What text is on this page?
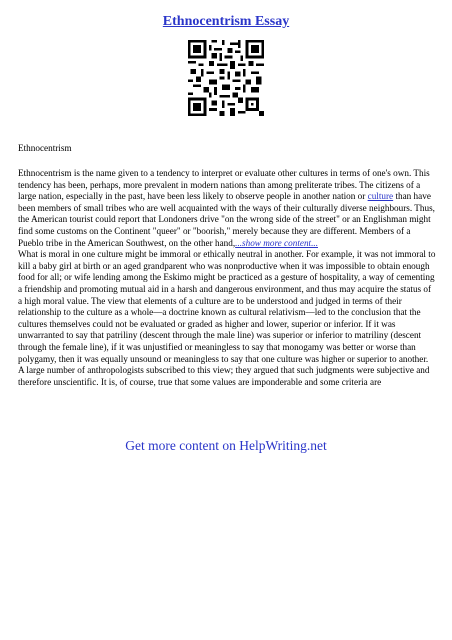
Ethnocentrism Essay
Ethnocentrism

Ethnocentrism is the name given to a tendency to interpret or evaluate other cultures in terms of one's own. This tendency has been, perhaps, more prevalent in modern nations than among preliterate tribes. The citizens of a large nation, especially in the past, have been less likely to observe people in another nation or culture than have been members of small tribes who are well acquainted with the ways of their culturally diverse neighbours. Thus, the American tourist could report that Londoners drive "on the wrong side of the street" or an Englishman might find some customs on the Continent "queer" or "boorish," merely because they are different. Members of a Pueblo tribe in the American Southwest, on the other hand,...show more content...

What is moral in one culture might be immoral or ethically neutral in another. For example, it was not immoral to kill a baby girl at birth or an aged grandparent who was nonproductive when it was impossible to obtain enough food for all; or wife lending among the Eskimo might be practiced as a gesture of hospitality, a way of cementing a friendship and promoting mutual aid in a harsh and dangerous environment, and thus may acquire the status of a high moral value. The view that elements of a culture are to be understood and judged in terms of their relationship to the culture as a whole—a doctrine known as cultural relativism—led to the conclusion that the cultures themselves could not be evaluated or graded as higher and lower, superior or inferior. If it was unwarranted to say that patriliny (descent through the male line) was superior or inferior to matriliny (descent through the female line), if it was unjustified or meaningless to say that monogamy was better or worse than polygamy, then it was equally unsound or meaningless to say that one culture was higher or superior to another. A large number of anthropologists subscribed to this view; they argued that such judgments were subjective and therefore unscientific. It is, of course, true that some values are imponderable and some criteria are

Get more content on HelpWriting.net
